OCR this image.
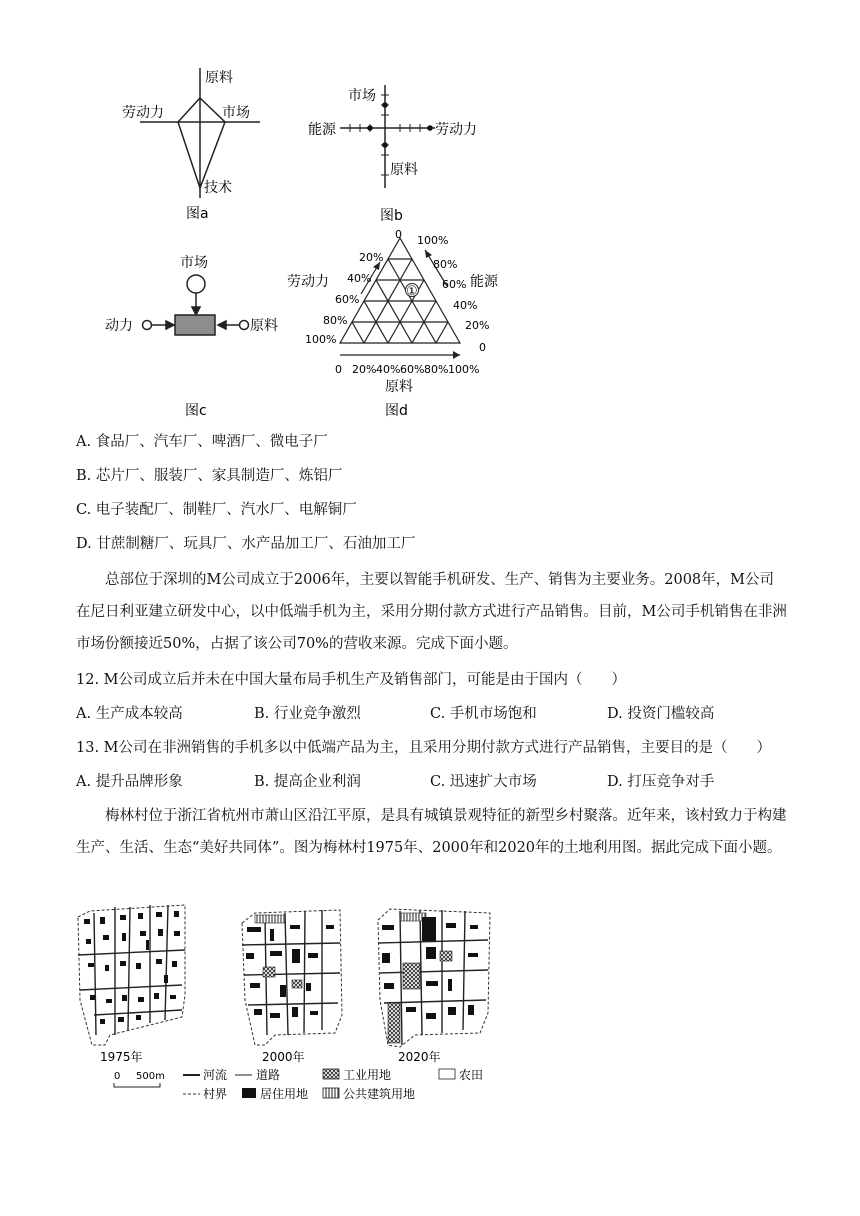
原料
劳动力	市场
技术
图a
市场
能源	劳动力
原料
图b
市场
动力	原料
图c
①
0
20%
40%
60%
80%
100%
100%
80%
60%
40%
20%
0
0 20% 40% 60% 80% 100%
劳动力	能源
原料
图d
A. 食品厂、汽车厂、啤酒厂、微电子厂
B. 芯片厂、服装厂、家具制造厂、炼铝厂
C. 电子装配厂、制鞋厂、汽水厂、电解铜厂
D. 甘蔗制糖厂、玩具厂、水产品加工厂、石油加工厂
总部位于深圳的M公司成立于2006年，主要以智能手机研发、生产、销售为主要业务。2008年，M公司在尼日利亚建立研发中心，以中低端手机为主，采用分期付款方式进行产品销售。目前，M公司手机销售在非洲市场份额接近50%，占据了该公司70%的营收来源。完成下面小题。
12. M公司成立后并未在中国大量布局手机生产及销售部门，可能是由于国内（　　）
A. 生产成本较高	B. 行业竞争激烈	C. 手机市场饱和	D. 投资门槛较高
13. M公司在非洲销售的手机多以中低端产品为主，且采用分期付款方式进行产品销售，主要目的是（　　）
A. 提升品牌形象	B. 提高企业利润	C. 迅速扩大市场	D. 打压竞争对手
梅林村位于浙江省杭州市萧山区沿江平原，是具有城镇景观特征的新型乡村聚落。近年来，该村致力于构建生产、生活、生态“美好共同体”。图为梅林村1975年、2000年和2020年的土地利用图。据此完成下面小题。
1975年	2000年	2020年
0 500m	河流 道路	工业用地	农田
村界	居住用地	公共建筑用地
